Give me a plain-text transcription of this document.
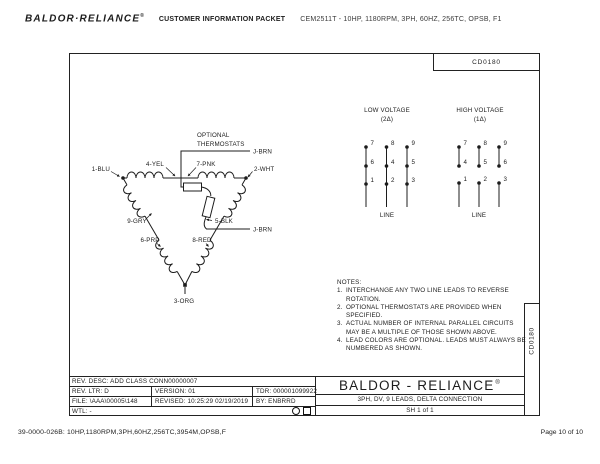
BALDOR·RELIANCE®
CUSTOMER INFORMATION PACKET CEM2511T - 10HP, 1180RPM, 3PH, 60HZ, 256TC, OPSB, F1
CD0180
CD0180
OPTIONAL
THERMOSTATS
1-BLU
4-YEL	7-PNK
2-WHT
9-GRY	5-BLK
6-PRP	8-RED
3-ORG
J-BRN
J-BRN
LOW VOLTAGE
(2Δ)
7
6
1
8
4
2
9
5
3
LINE
HIGH VOLTAGE
(1Δ)
7
4
1
8
5
2
9
6
3
LINE
NOTES:
1. INTERCHANGE ANY TWO LINE LEADS TO REVERSE
ROTATION.
2. OPTIONAL THERMOSTATS ARE PROVIDED WHEN
SPECIFIED.
3. ACTUAL NUMBER OF INTERNAL PARALLEL CIRCUITS
MAY BE A MULTIPLE OF THOSE SHOWN ABOVE.
4. LEAD COLORS ARE OPTIONAL. LEADS MUST ALWAYS BE
NUMBERED AS SHOWN.
REV. DESC: ADD CLASS CONN00000007
REV. LTR: D	VERSION: 01	TDR: 000001099922
FILE: \AAA\00005\148	REVISED: 10:25:29 02/19/2019	BY: ENBRRD
WTL: -
BALDOR - RELIANCE®
3PH, DV, 9 LEADS, DELTA CONNECTION
SH 1 of 1
39-0000-026B: 10HP,1180RPM,3PH,60HZ,256TC,3954M,OPSB,F	Page 10 of 10
